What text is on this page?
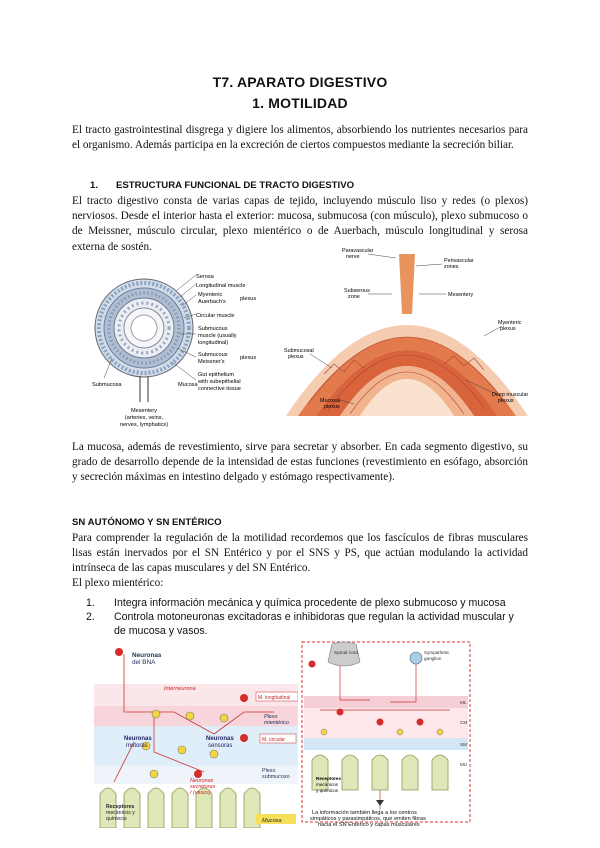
T7. APARATO DIGESTIVO
1. MOTILIDAD
El tracto gastrointestinal disgrega y digiere los alimentos, absorbiendo los nutrientes necesarios para el organismo. Además participa en la excreción de ciertos compuestos mediante la secreción biliar.
1. ESTRUCTURA FUNCIONAL DE TRACTO DIGESTIVO
El tracto digestivo consta de varias capas de tejido, incluyendo músculo liso y redes (o plexos) nerviosos. Desde el interior hasta el exterior: mucosa, submucosa (con músculo), plexo submucoso o de Meissner, músculo circular, plexo mientérico o de Auerbach, músculo longitudinal y serosa externa de sostén.
Serosa
Longitudinal muscle
Myenteric
Auerbach's	plexus
Circular muscle
Submucous
muscle (usually
longitudinal)
Submucous
Meissner's
plexus
Submucosa	Mucosa
Gut epithelium
with subepithelial
connective tissue
Mesentery
(arteries, veins,
nerves, lymphatics)
Paravascular
nerve
Perivascular
zones
Subserous
zone	Mesentery
Myenteric
plexus
Submucosal
plexus
Deep muscular
plexus
Mucosal
plexus
La mucosa, además de revestimiento, sirve para secretar y absorber. En cada segmento digestivo, su grado de desarrollo depende de la intensidad de estas funciones (revestimiento en esófago, absorción y secreción máximas en intestino delgado y estómago respectivamente).
SN AUTÓNOMO Y SN ENTÉRICO
Para comprender la regulación de la motilidad recordemos que los fascículos de fibras musculares lisas están inervados por el SN Entérico y por el SNS y PS, que actúan modulando la actividad intrínseca de las capas musculares y del SN Entérico.
El plexo mientérico:
1. Integra información mecánica y química procedente de plexo submucoso y mucosa
2. Controla motoneuronas excitadoras e inhibidoras que regulan la actividad muscular y de mucosa y vasos.
Neuronas
del BNA
Interneurona
M. longitudinal
Plexo
mientérico
Neuronas
motoras
Neuronas
sensoras
M. circular
Plexo
submucoso
Neuronas
secretoras
/ (vasos)
Receptores
mecánicos y
químicos	Mucosa
Spinal cord	Sympathetic
ganglion
ML
CM
SM
MU
Receptores
mecánicos
y químicos
La información también llega a los centros
simpáticos y parasimpáticos, que emiten fibras
hacia el SN Entérico y capas musculares
